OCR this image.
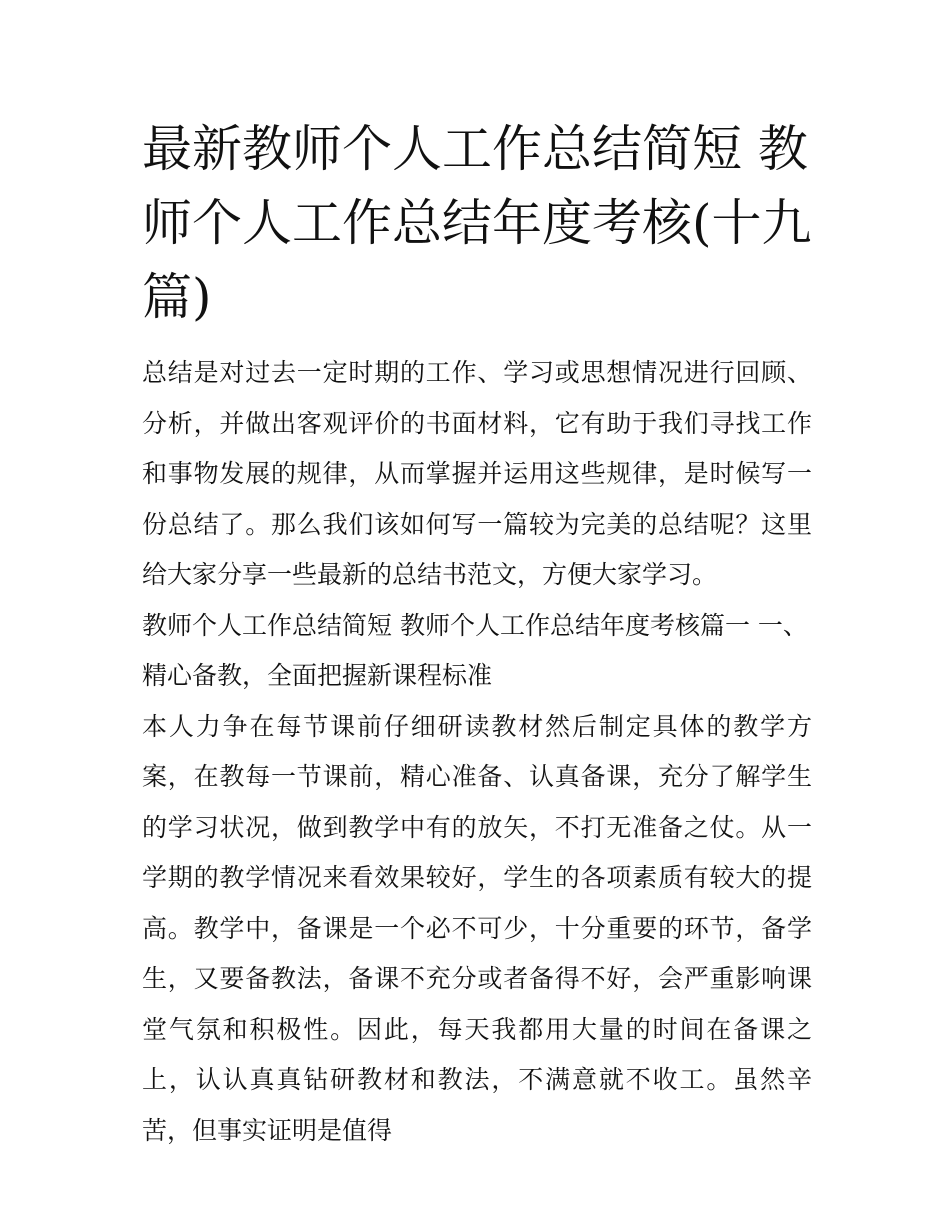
最新教师个人工作总结简短 教师个人工作总结年度考核(十九篇)

总结是对过去一定时期的工作、学习或思想情况进行回顾、分析，并做出客观评价的书面材料，它有助于我们寻找工作和事物发展的规律，从而掌握并运用这些规律，是时候写一份总结了。那么我们该如何写一篇较为完美的总结呢？这里给大家分享一些最新的总结书范文，方便大家学习。

教师个人工作总结简短 教师个人工作总结年度考核篇一 一、精心备教，全面把握新课程标准

本人力争在每节课前仔细研读教材然后制定具体的教学方案，在教每一节课前，精心准备、认真备课，充分了解学生的学习状况，做到教学中有的放矢，不打无准备之仗。从一学期的教学情况来看效果较好，学生的各项素质有较大的提高。教学中，备课是一个必不可少，十分重要的环节，备学生，又要备教法，备课不充分或者备得不好，会严重影响课堂气氛和积极性。因此，每天我都用大量的时间在备课之上，认认真真钻研教材和教法，不满意就不收工。虽然辛苦，但事实证明是值得
